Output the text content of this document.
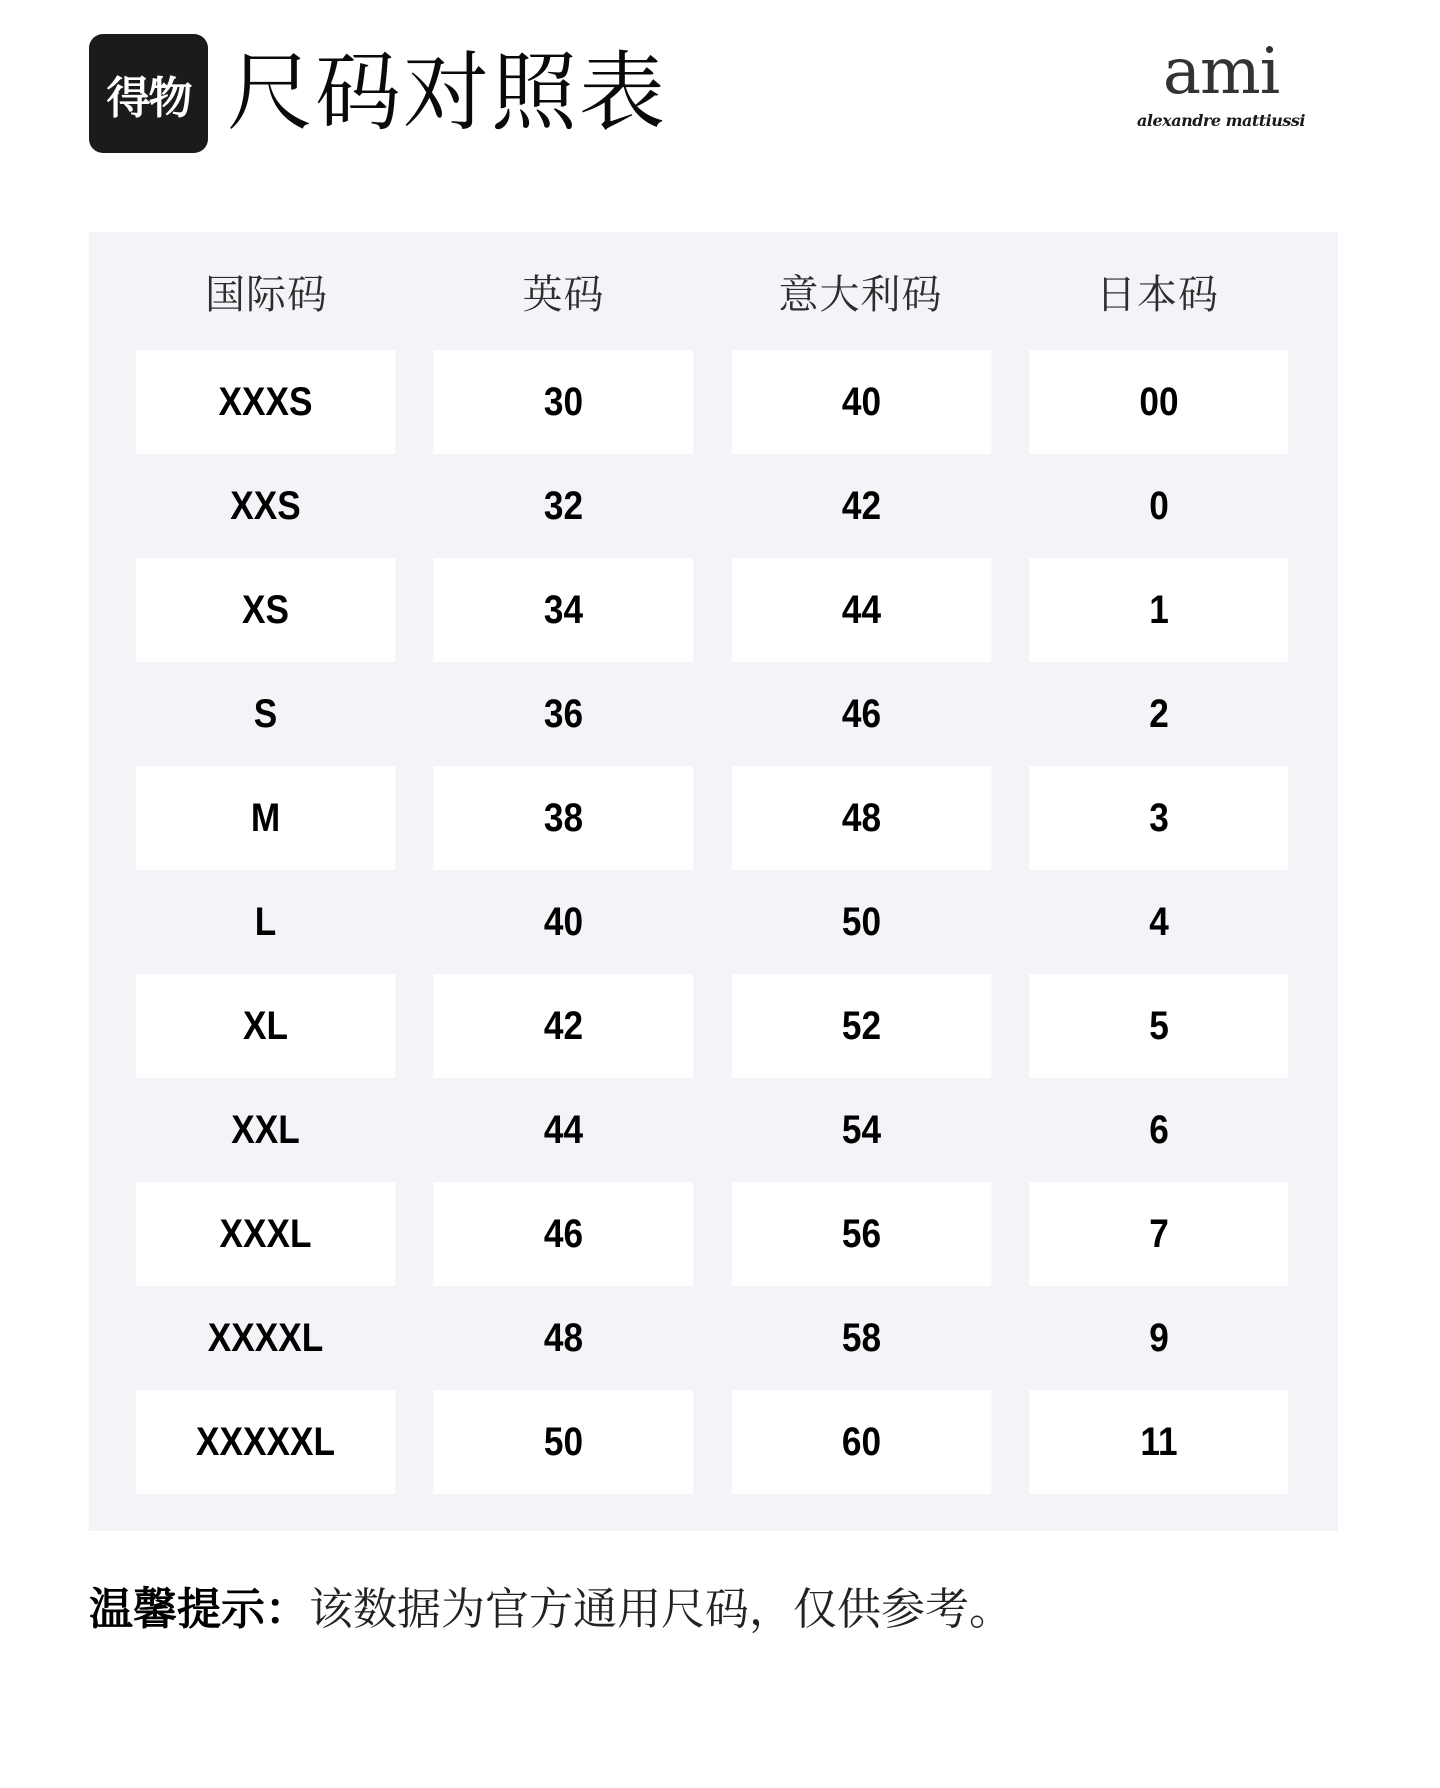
得物 尺码对照表	ami
alexandre mattiussi
国际码	英码	意大利码	日本码
XXXS	30	40	00
XXS	32	42	0
XS	34	44	1
S	36	46	2
M	38	48	3
L	40	50	4
XL	42	52	5
XXL	44	54	6
XXXL	46	56	7
XXXXL	48	58	9
XXXXXL	50	60	11
温馨提示：该数据为官方通用尺码，仅供参考。
